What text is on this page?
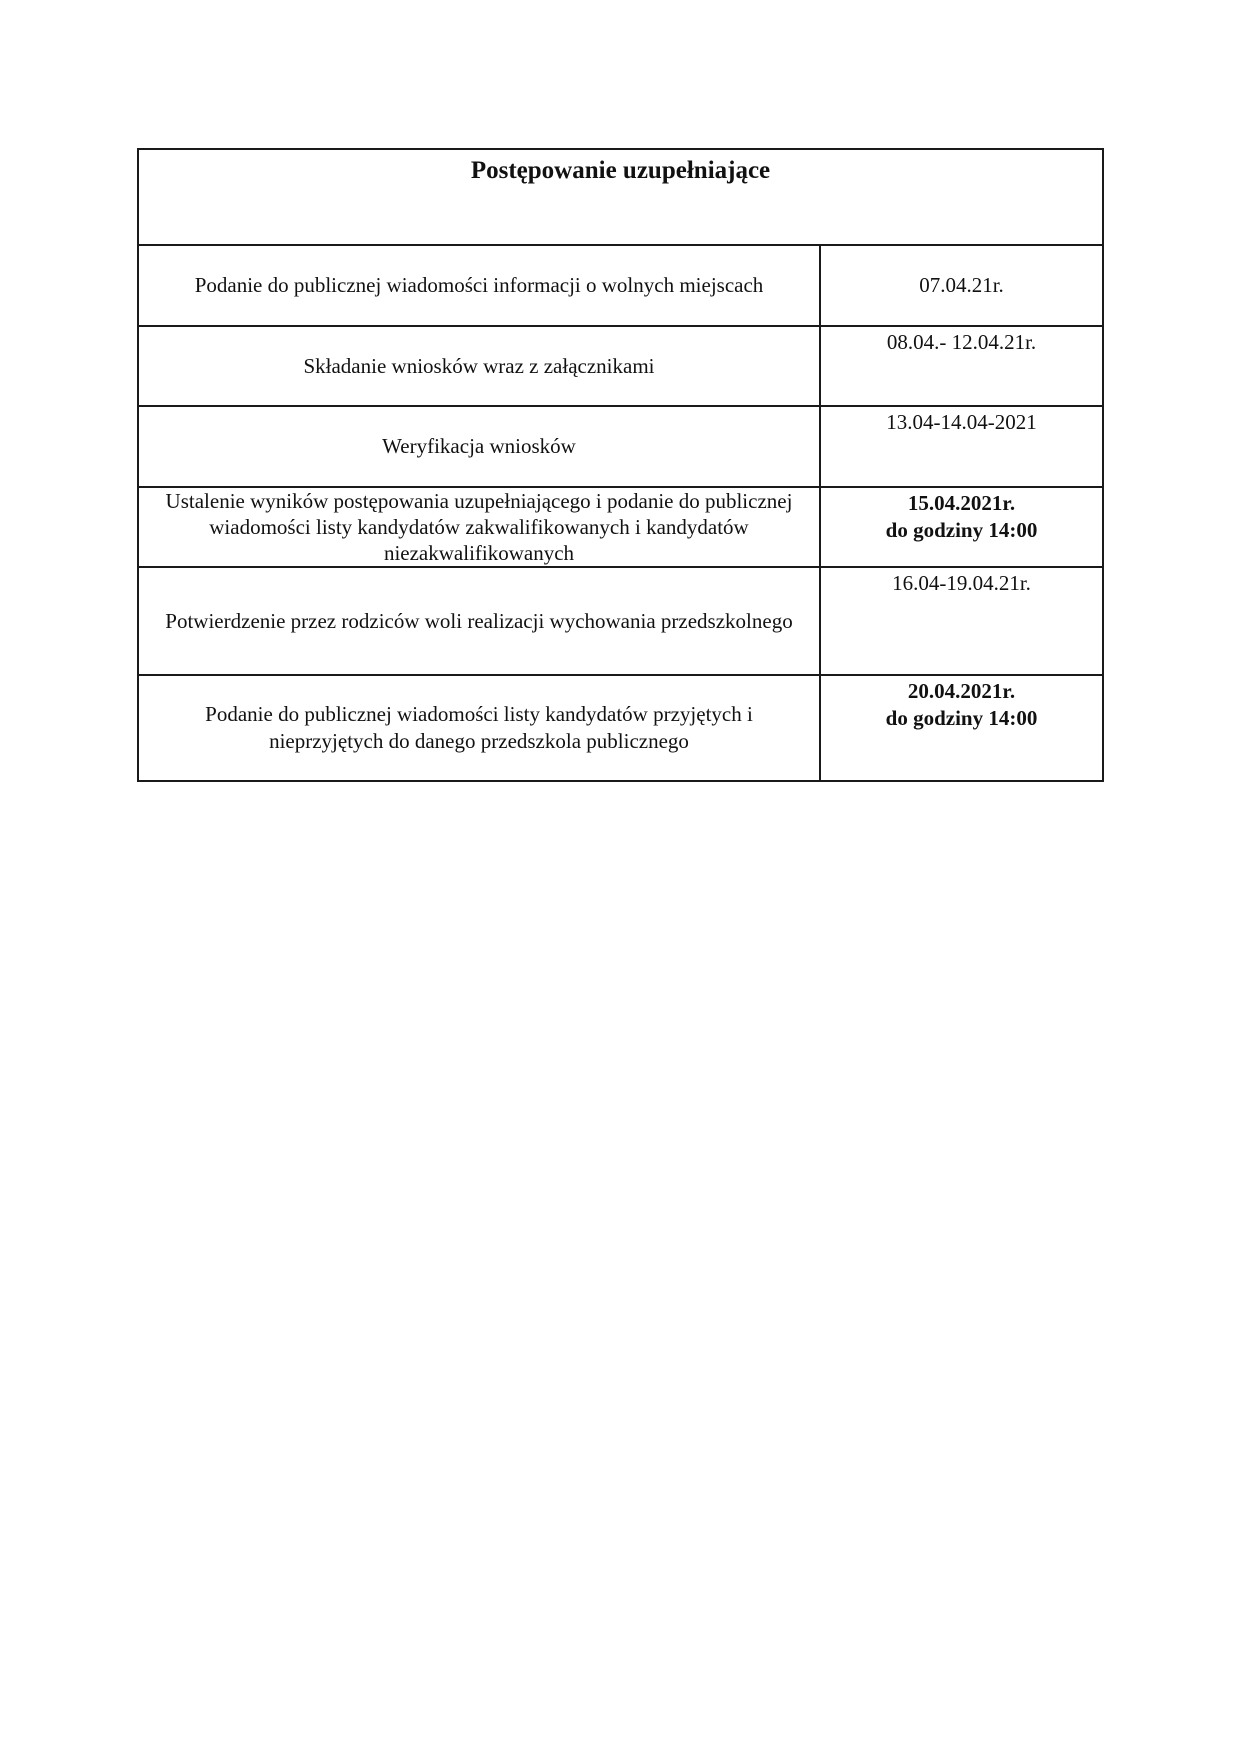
Postępowanie uzupełniające	
Podanie do publicznej wiadomości informacji o wolnych miejscach	07.04.21r.

Składanie wniosków wraz z załącznikami	08.04.- 12.04.21r.

Weryfikacja wniosków	13.04-14.04-2021

Ustalenie wyników postępowania uzupełniającego i podanie do publicznej wiadomości listy kandydatów zakwalifikowanych i kandydatów niezakwalifikowanych	15.04.2021r.
do godziny 14:00

Potwierdzenie przez rodziców woli realizacji wychowania przedszkolnego	16.04-19.04.21r.

Podanie do publicznej wiadomości listy kandydatów przyjętych i nieprzyjętych do danego przedszkola publicznego	20.04.2021r.
do godziny 14:00
